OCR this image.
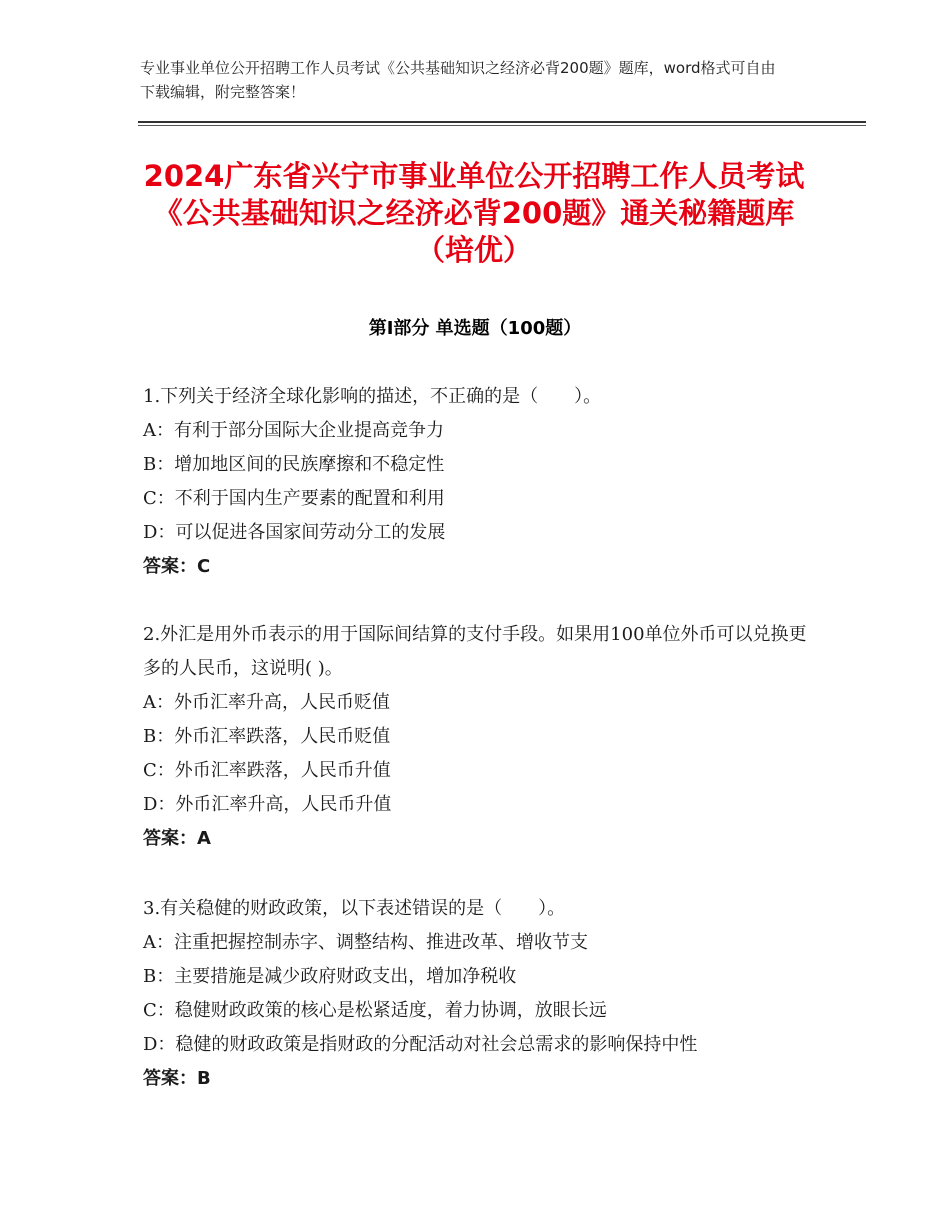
专业事业单位公开招聘工作人员考试《公共基础知识之经济必背200题》题库，word格式可自由下载编辑，附完整答案！
2024广东省兴宁市事业单位公开招聘工作人员考试《公共基础知识之经济必背200题》通关秘籍题库（培优）
第Ⅰ部分 单选题（100题）
1.下列关于经济全球化影响的描述，不正确的是（　　）。
A：有利于部分国际大企业提高竞争力
B：增加地区间的民族摩擦和不稳定性
C：不利于国内生产要素的配置和利用
D：可以促进各国家间劳动分工的发展
答案：C
2.外汇是用外币表示的用于国际间结算的支付手段。如果用100单位外币可以兑换更多的人民币，这说明( )。
A：外币汇率升高，人民币贬值
B：外币汇率跌落，人民币贬值
C：外币汇率跌落，人民币升值
D：外币汇率升高，人民币升值
答案：A
3.有关稳健的财政政策，以下表述错误的是（　　）。
A：注重把握控制赤字、调整结构、推进改革、增收节支
B：主要措施是减少政府财政支出，增加净税收
C：稳健财政政策的核心是松紧适度，着力协调，放眼长远
D：稳健的财政政策是指财政的分配活动对社会总需求的影响保持中性
答案：B
